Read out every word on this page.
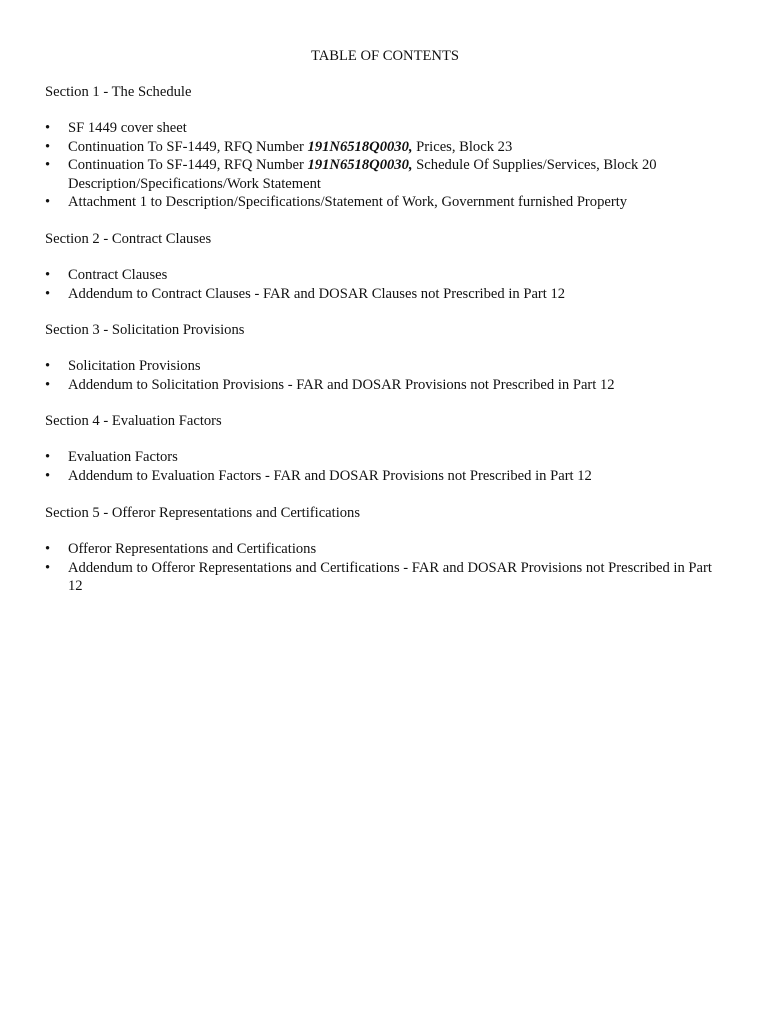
TABLE OF CONTENTS
Section 1 - The Schedule
•	SF 1449 cover sheet
•	Continuation To SF-1449, RFQ Number 191N6518Q0030, Prices, Block 23
•	Continuation To SF-1449, RFQ Number 191N6518Q0030, Schedule Of Supplies/Services, Block 20 Description/Specifications/Work Statement
•	Attachment 1 to Description/Specifications/Statement of Work, Government furnished Property
Section 2 - Contract Clauses
•	Contract Clauses
•	Addendum to Contract Clauses - FAR and DOSAR Clauses not Prescribed in Part 12
Section 3 - Solicitation Provisions
•	Solicitation Provisions
•	Addendum to Solicitation Provisions - FAR and DOSAR Provisions not Prescribed in Part 12
Section 4 - Evaluation Factors
•	Evaluation Factors
•	Addendum to Evaluation Factors - FAR and DOSAR Provisions not Prescribed in Part 12
Section 5 - Offeror Representations and Certifications
•	Offeror Representations and Certifications
•	Addendum to Offeror Representations and Certifications - FAR and DOSAR Provisions not Prescribed in Part 12
